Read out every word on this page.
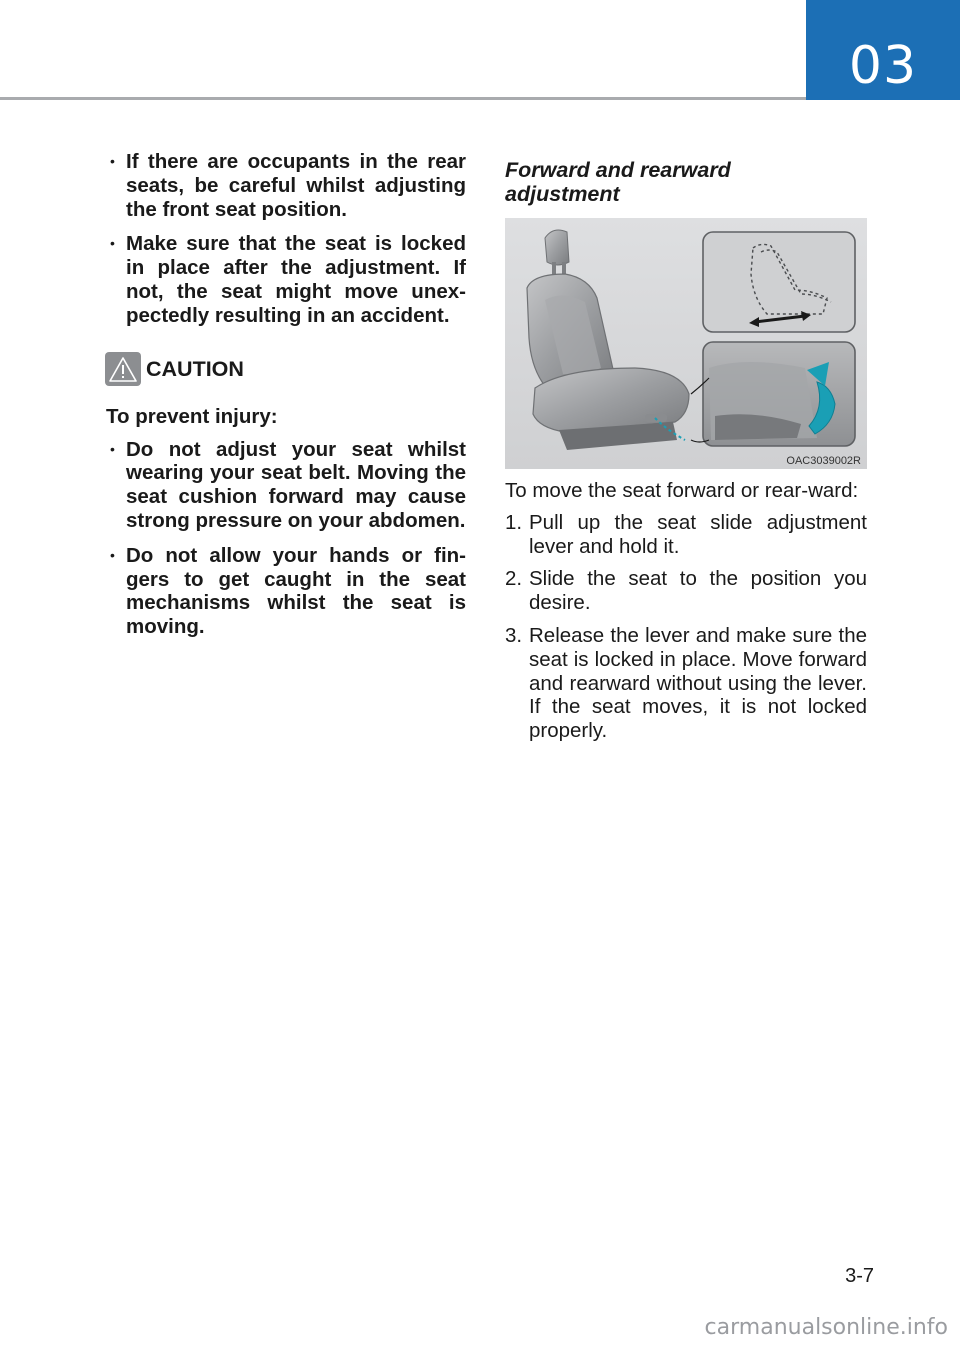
03
• If there are occupants in the rear seats, be careful whilst adjusting the front seat position.
• Make sure that the seat is locked in place after the adjustment. If not, the seat might move unex-pectedly resulting in an accident.
CAUTION
To prevent injury:
• Do not adjust your seat whilst wearing your seat belt. Moving the seat cushion forward may cause strong pressure on your abdomen.
• Do not allow your hands or fin-gers to get caught in the seat mechanisms whilst the seat is moving.
Forward and rearward
adjustment
OAC3039002R

To move the seat forward or rear-ward:

1. Pull up the seat slide adjustment lever and hold it.
2. Slide the seat to the position you desire.
3. Release the lever and make sure the seat is locked in place. Move forward and rearward without using the lever. If the seat moves, it is not locked properly.
3-7
carmanualsonline.info
